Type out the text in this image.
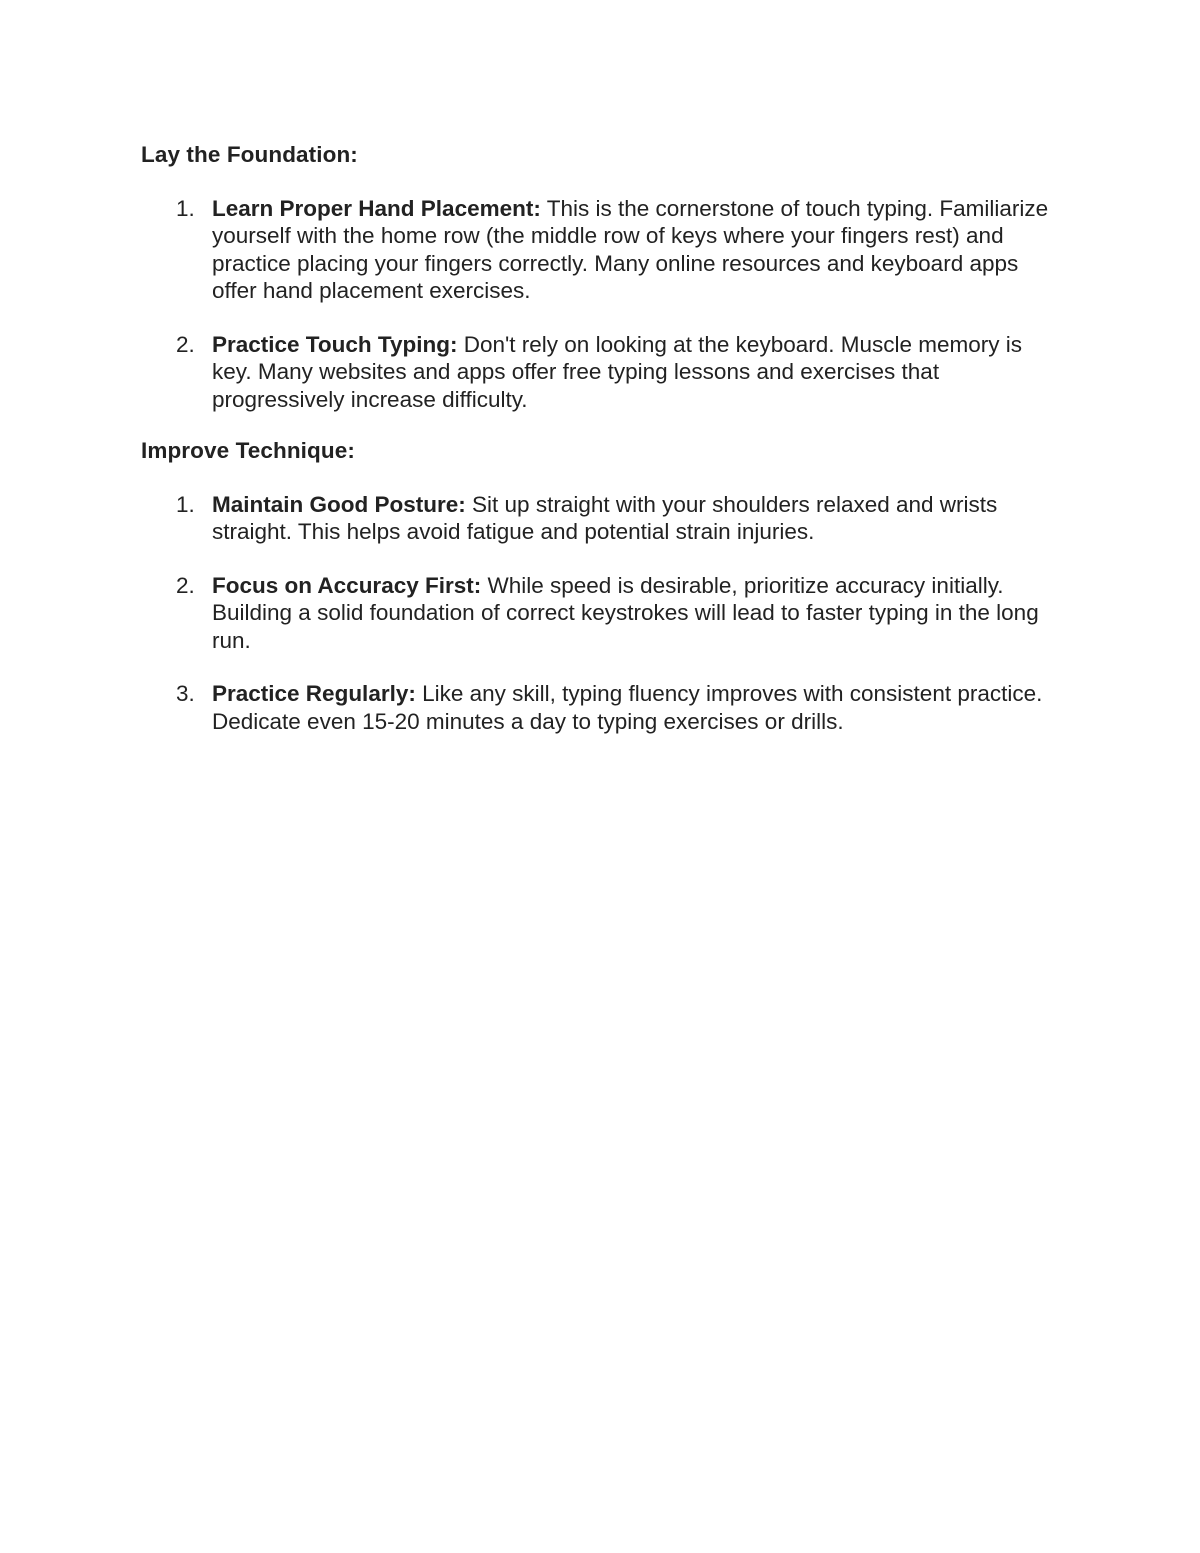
Lay the Foundation:

1. Learn Proper Hand Placement: This is the cornerstone of touch typing. Familiarize yourself with the home row (the middle row of keys where your fingers rest) and practice placing your fingers correctly. Many online resources and keyboard apps offer hand placement exercises.
2. Practice Touch Typing: Don't rely on looking at the keyboard. Muscle memory is key. Many websites and apps offer free typing lessons and exercises that progressively increase difficulty.

Improve Technique:

1. Maintain Good Posture: Sit up straight with your shoulders relaxed and wrists straight. This helps avoid fatigue and potential strain injuries.
2. Focus on Accuracy First: While speed is desirable, prioritize accuracy initially. Building a solid foundation of correct keystrokes will lead to faster typing in the long run.
3. Practice Regularly: Like any skill, typing fluency improves with consistent practice. Dedicate even 15-20 minutes a day to typing exercises or drills.
